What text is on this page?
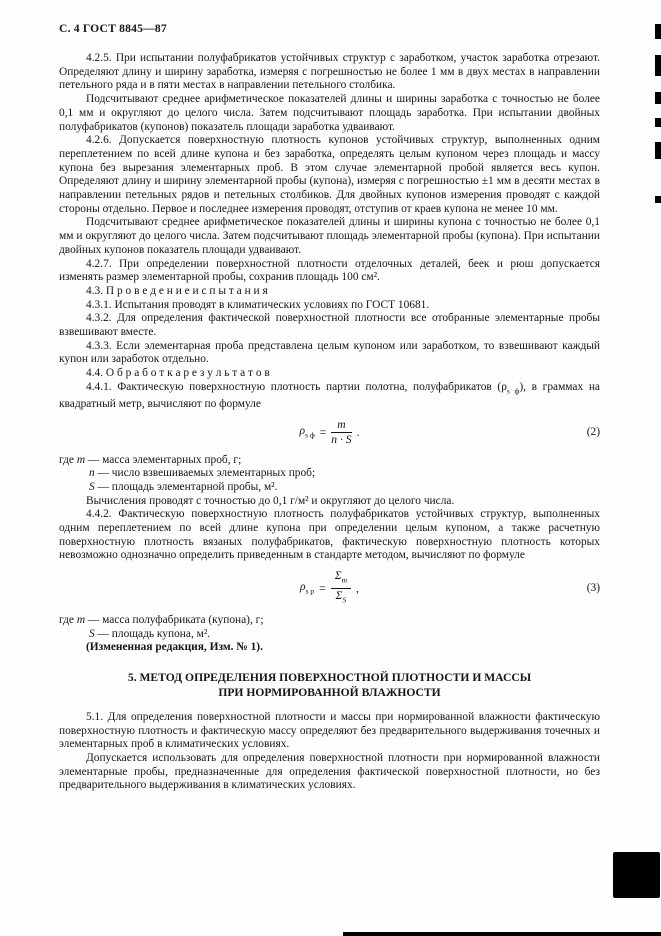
С. 4 ГОСТ 8845—87

4.2.5. При испытании полуфабрикатов устойчивых структур с заработком, участок заработка отрезают. Определяют длину и ширину заработка, измеряя с погрешностью не более 1 мм в двух местах в направлении петельного ряда и в пяти местах в направлении петельного столбика.

Подсчитывают среднее арифметическое показателей длины и ширины заработка с точностью не более 0,1 мм и округляют до целого числа. Затем подсчитывают площадь заработка. При испытании двойных полуфабрикатов (купонов) показатель площади заработка удваивают.

4.2.6. Допускается поверхностную плотность купонов устойчивых структур, выполненных одним переплетением по всей длине купона и без заработка, определять целым купоном через площадь и массу купона без вырезания элементарных проб. В этом случае элементарной пробой является весь купон. Определяют длину и ширину элементарной пробы (купона), измеряя с погрешностью ±1 мм в десяти местах в направлении петельных рядов и петельных столбиков. Для двойных купонов измерения проводят с каждой стороны отдельно. Первое и последнее измерения проводят, отступив от краев купона не менее 10 мм.

Подсчитывают среднее арифметическое показателей длины и ширины купона с точностью не более 0,1 мм и округляют до целого числа. Затем подсчитывают площадь элементарной пробы (купона). При испытании двойных купонов показатель площади удваивают.

4.2.7. При определении поверхностной плотности отделочных деталей, беек и рюш допускается изменять размер элементарной пробы, сохранив площадь 100 см².

4.3. П р о в е д е н и е и с п ы т а н и я

4.3.1. Испытания проводят в климатических условиях по ГОСТ 10681.

4.3.2. Для определения фактической поверхностной плотности все отобранные элементарные пробы взвешивают вместе.

4.3.3. Если элементарная проба представлена целым купоном или заработком, то взвешивают каждый купон или заработок отдельно.

4.4. О б р а б о т к а р е з у л ь т а т о в

4.4.1. Фактическую поверхностную плотность партии полотна, полуфабрикатов $(\rho_{s ф})$, в граммах на квадратный метр, вычисляют по формуле

$\rho_{s ф} = \frac{m}{n \cdot S}$ .	(2)

где m — масса элементарных проб, г;

n — число взвешиваемых элементарных проб;

S — площадь элементарной пробы, м².

Вычисления проводят с точностью до 0,1 г/м² и округляют до целого числа.

4.4.2. Фактическую поверхностную плотность полуфабрикатов устойчивых структур, выполненных одним переплетением по всей длине купона при определении целым купоном, а также расчетную поверхностную плотность вязаных полуфабрикатов, фактическую поверхностную плотность которых невозможно однозначно определить приведенным в стандарте методом, вычисляют по формуле

$\rho_{s р} = \frac{\Sigma_m}{\Sigma_S}$ ,	(3)

где m — масса полуфабриката (купона), г;

S — площадь купона, м².

(Измененная редакция, Изм. № 1).

5. МЕТОД ОПРЕДЕЛЕНИЯ ПОВЕРХНОСТНОЙ ПЛОТНОСТИ И МАССЫ
ПРИ НОРМИРОВАННОЙ ВЛАЖНОСТИ

5.1. Для определения поверхностной плотности и массы при нормированной влажности фактическую поверхностную плотность и фактическую массу определяют без предварительного выдерживания точечных и элементарных проб в климатических условиях.

Допускается использовать для определения поверхностной плотности при нормированной влажности элементарные пробы, предназначенные для определения фактической поверхностной плотности, но без предварительного выдерживания в климатических условиях.
